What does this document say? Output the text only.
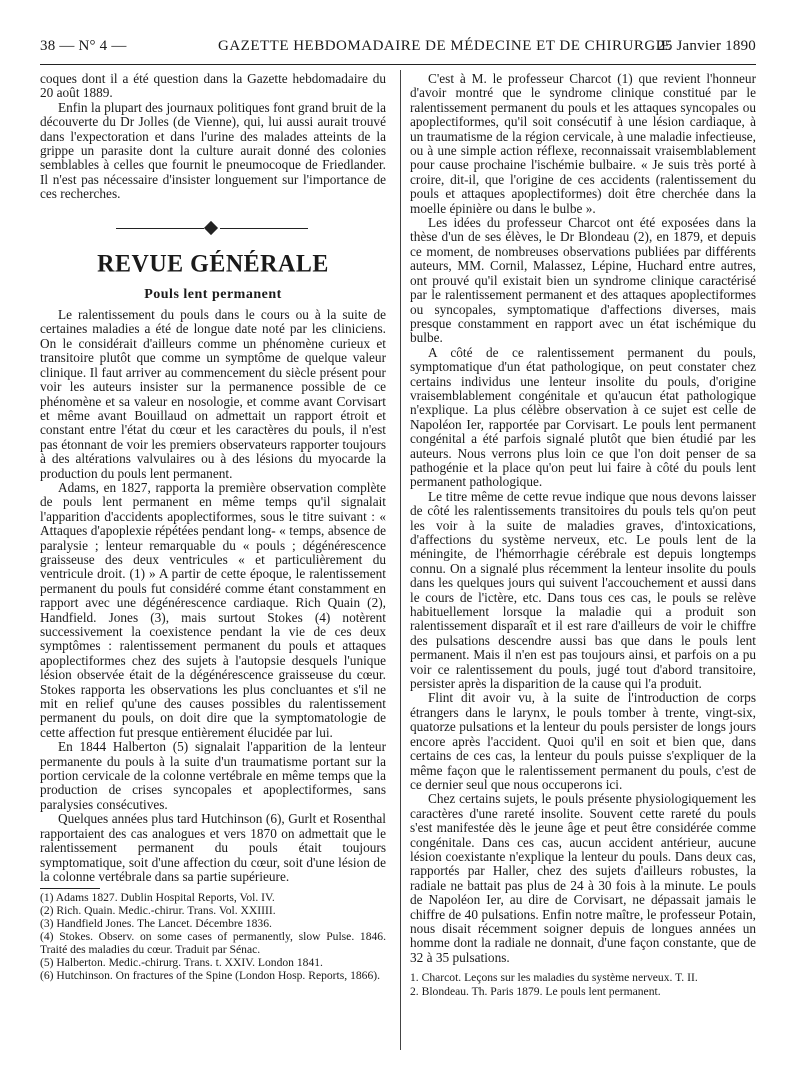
38 — N° 4 —	GAZETTE HEBDOMADAIRE DE MÉDECINE ET DE CHIRURGIE
25 Janvier 1890

coques dont il a été question dans la Gazette hebdomadaire du 20 août 1889.

Enfin la plupart des journaux politiques font grand bruit de la découverte du Dr Jolles (de Vienne), qui, lui aussi aurait trouvé dans l'expectoration et dans l'urine des malades atteints de la grippe un parasite dont la culture aurait donné des colonies semblables à celles que fournit le pneumocoque de Friedlander. Il n'est pas nécessaire d'insister longuement sur l'importance de ces recherches.

REVUE GÉNÉRALE
Pouls lent permanent

Le ralentissement du pouls dans le cours ou à la suite de certaines maladies a été de longue date noté par les cliniciens. On le considérait d'ailleurs comme un phénomène curieux et transitoire plutôt que comme un symptôme de quelque valeur clinique. Il faut arriver au commencement du siècle présent pour voir les auteurs insister sur la permanence possible de ce phénomène et sa valeur en nosologie, et comme avant Corvisart et même avant Bouillaud on admettait un rapport étroit et constant entre l'état du cœur et les caractères du pouls, il n'est pas étonnant de voir les premiers observateurs rapporter toujours à des altérations valvulaires ou à des lésions du myocarde la production du pouls lent permanent.

Adams, en 1827, rapporta la première observation complète de pouls lent permanent en même temps qu'il signalait l'apparition d'accidents apoplectiformes, sous le titre suivant : « Attaques d'apoplexie répétées pendant long- « temps, absence de paralysie ; lenteur remarquable du « pouls ; dégénérescence graisseuse des deux ventricules « et particulièrement du ventricule droit. (1) » A partir de cette époque, le ralentissement permanent du pouls fut considéré comme étant constamment en rapport avec une dégénérescence cardiaque. Rich Quain (2), Handfield. Jones (3), mais surtout Stokes (4) notèrent successivement la coexistence pendant la vie de ces deux symptômes : ralentissement permanent du pouls et attaques apoplectiformes chez des sujets à l'autopsie desquels l'unique lésion observée était de la dégénérescence graisseuse du cœur. Stokes rapporta les observations les plus concluantes et s'il ne mit en relief qu'une des causes possibles du ralentissement permanent du pouls, on doit dire que la symptomatologie de cette affection fut presque entièrement élucidée par lui.

En 1844 Halberton (5) signalait l'apparition de la lenteur permanente du pouls à la suite d'un traumatisme portant sur la portion cervicale de la colonne vertébrale en même temps que la production de crises syncopales et apoplectiformes, sans paralysies consécutives.

Quelques années plus tard Hutchinson (6), Gurlt et Rosenthal rapportaient des cas analogues et vers 1870 on admettait que le ralentissement permanent du pouls était toujours symptomatique, soit d'une affection du cœur, soit d'une lésion de la colonne vertébrale dans sa partie supérieure.

(1) Adams 1827. Dublin Hospital Reports, Vol. IV.

(2) Rich. Quain. Medic.-chirur. Trans. Vol. XXIIII.

(3) Handfield Jones. The Lancet. Décembre 1836.

(4) Stokes. Observ. on some cases of permanently, slow Pulse. 1846. Traité des maladies du cœur. Traduit par Sénac.

(5) Halberton. Medic.-chirurg. Trans. t. XXIV. London 1841.

(6) Hutchinson. On fractures of the Spine (London Hosp. Reports, 1866).

C'est à M. le professeur Charcot (1) que revient l'honneur d'avoir montré que le syndrome clinique constitué par le ralentissement permanent du pouls et les attaques syncopales ou apoplectiformes, qu'il soit consécutif à une lésion cardiaque, à un traumatisme de la région cervicale, à une maladie infectieuse, ou à une simple action réflexe, reconnaissait vraisemblablement pour cause prochaine l'ischémie bulbaire. « Je suis très porté à croire, dit-il, que l'origine de ces accidents (ralentissement du pouls et attaques apoplectiformes) doit être cherchée dans la moelle épinière ou dans le bulbe ».

Les idées du professeur Charcot ont été exposées dans la thèse d'un de ses élèves, le Dr Blondeau (2), en 1879, et depuis ce moment, de nombreuses observations publiées par différents auteurs, MM. Cornil, Malassez, Lépine, Huchard entre autres, ont prouvé qu'il existait bien un syndrome clinique caractérisé par le ralentissement permanent et des attaques apoplectiformes ou syncopales, symptomatique d'affections diverses, mais presque constamment en rapport avec un état ischémique du bulbe.

A côté de ce ralentissement permanent du pouls, symptomatique d'un état pathologique, on peut constater chez certains individus une lenteur insolite du pouls, d'origine vraisemblablement congénitale et qu'aucun état pathologique n'explique. La plus célèbre observation à ce sujet est celle de Napoléon Ier, rapportée par Corvisart. Le pouls lent permanent congénital a été parfois signalé plutôt que bien étudié par les auteurs. Nous verrons plus loin ce que l'on doit penser de sa pathogénie et la place qu'on peut lui faire à côté du pouls lent permanent pathologique.

Le titre même de cette revue indique que nous devons laisser de côté les ralentissements transitoires du pouls tels qu'on peut les voir à la suite de maladies graves, d'intoxications, d'affections du système nerveux, etc. Le pouls lent de la méningite, de l'hémorrhagie cérébrale est depuis longtemps connu. On a signalé plus récemment la lenteur insolite du pouls dans les quelques jours qui suivent l'accouchement et aussi dans le cours de l'ictère, etc. Dans tous ces cas, le pouls se relève habituellement lorsque la maladie qui a produit son ralentissement disparaît et il est rare d'ailleurs de voir le chiffre des pulsations descendre aussi bas que dans le pouls lent permanent. Mais il n'en est pas toujours ainsi, et parfois on a pu voir ce ralentissement du pouls, jugé tout d'abord transitoire, persister après la disparition de la cause qui l'a produit.

Flint dit avoir vu, à la suite de l'introduction de corps étrangers dans le larynx, le pouls tomber à trente, vingt-six, quatorze pulsations et la lenteur du pouls persister de longs jours encore après l'accident. Quoi qu'il en soit et bien que, dans certains de ces cas, la lenteur du pouls puisse s'expliquer de la même façon que le ralentissement permanent du pouls, c'est de ce dernier seul que nous occuperons ici.

Chez certains sujets, le pouls présente physiologiquement les caractères d'une rareté insolite. Souvent cette rareté du pouls s'est manifestée dès le jeune âge et peut être considérée comme congénitale. Dans ces cas, aucun accident antérieur, aucune lésion coexistante n'explique la lenteur du pouls. Dans deux cas, rapportés par Haller, chez des sujets d'ailleurs robustes, la radiale ne battait pas plus de 24 à 30 fois à la minute. Le pouls de Napoléon Ier, au dire de Corvisart, ne dépassait jamais le chiffre de 40 pulsations. Enfin notre maître, le professeur Potain, nous disait récemment soigner depuis de longues années un homme dont la radiale ne donnait, d'une façon constante, que de 32 à 35 pulsations.

1. Charcot. Leçons sur les maladies du système nerveux. T. II.

2. Blondeau. Th. Paris 1879. Le pouls lent permanent.
